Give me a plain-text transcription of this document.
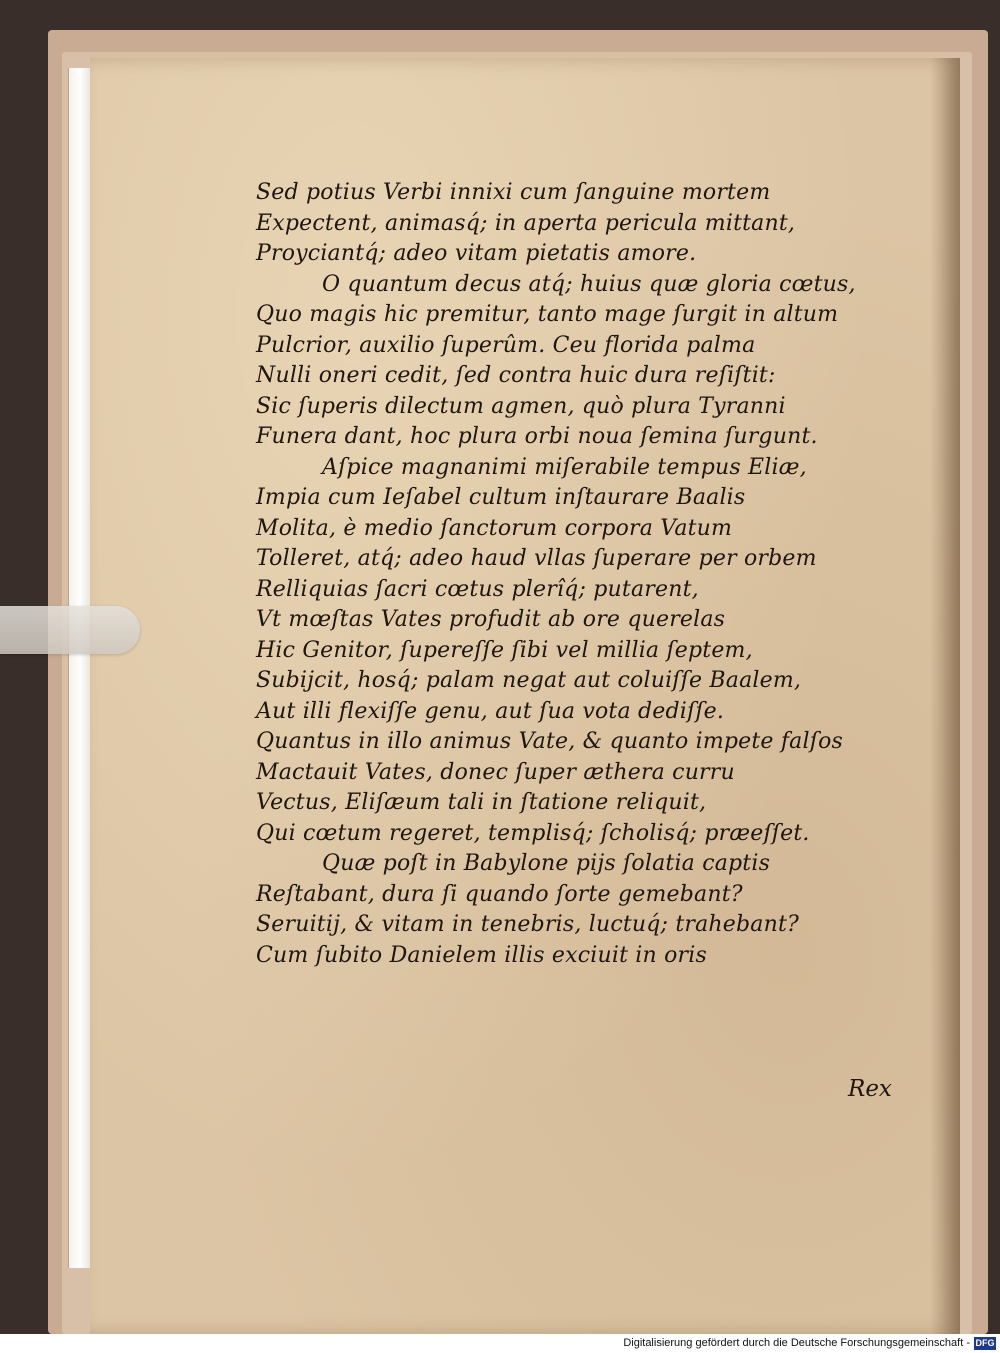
Sed potius Verbi innixi cum ſanguine mortem
Expectent, animasq́; in aperta pericula mittant,
Proyciantq́; adeo vitam pietatis amore.
O quantum decus atq́; huius quæ gloria cœtus,
Quo magis hic premitur, tanto mage ſurgit in altum
Pulcrior, auxilio ſuperûm. Ceu florida palma
Nulli oneri cedit, ſed contra huic dura reſiſtit:
Sic ſuperis dilectum agmen, quò plura Tyranni
Funera dant, hoc plura orbi noua ſemina ſurgunt.
Aſpice magnanimi miſerabile tempus Eliæ,
Impia cum Ieſabel cultum inſtaurare Baalis
Molita, è medio ſanctorum corpora Vatum
Tolleret, atq́; adeo haud vllas ſuperare per orbem
Relliquias ſacri cœtus plerîq́; putarent,
Vt mœſtas Vates profudit ab ore querelas
Hic Genitor, ſupereſſe ſibi vel millia ſeptem,
Subijcit, hosq́; palam negat aut coluiſſe Baalem,
Aut illi flexiſſe genu, aut ſua vota dediſſe.
Quantus in illo animus Vate, & quanto impete falſos
Mactauit Vates, donec ſuper æthera curru
Vectus, Eliſæum tali in ſtatione reliquit,
Qui cœtum regeret, templisq́; ſcholisq́; præeſſet.
Quæ poſt in Babylone pijs ſolatia captis
Reſtabant, dura ſi quando ſorte gemebant?
Seruitij, & vitam in tenebris, luctuq́; trahebant?
Cum ſubito Danielem illis exciuit in oris
Rex
Digitalisierung gefördert durch die Deutsche Forschungsgemeinschaft - DFG
